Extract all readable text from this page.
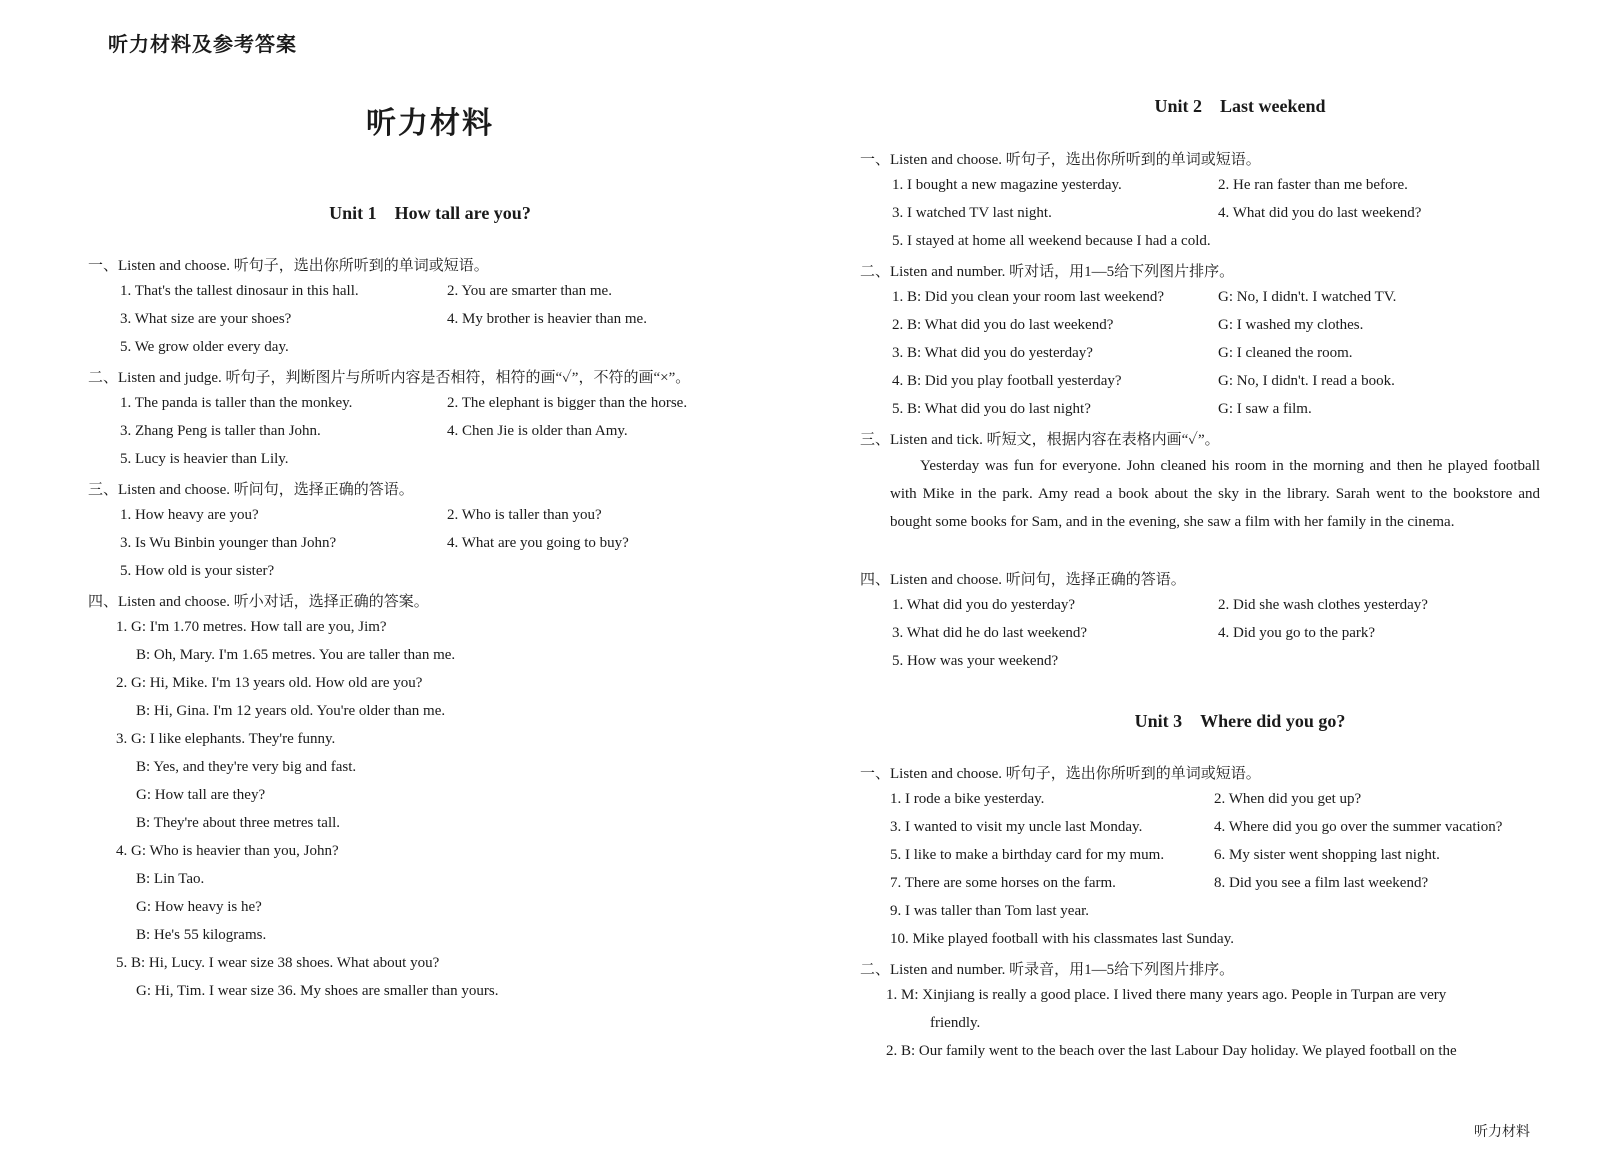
听力材料及参考答案
听力材料
Unit 1　How tall are you?
一、Listen and choose. 听句子，选出你所听到的单词或短语。
1. That's the tallest dinosaur in this hall.	2. You are smarter than me.
3. What size are your shoes?	4. My brother is heavier than me.
5. We grow older every day.
二、Listen and judge. 听句子，判断图片与所听内容是否相符，相符的画“✓”，不符的画“×”。
1. The panda is taller than the monkey.	2. The elephant is bigger than the horse.
3. Zhang Peng is taller than John.	4. Chen Jie is older than Amy.
5. Lucy is heavier than Lily.
三、Listen and choose. 听问句，选择正确的答语。
1. How heavy are you?	2. Who is taller than you?
3. Is Wu Binbin younger than John?	4. What are you going to buy?
5. How old is your sister?
四、Listen and choose. 听小对话，选择正确的答案。
1. G: I'm 1.70 metres. How tall are you, Jim?
B: Oh, Mary. I'm 1.65 metres. You are taller than me.
2. G: Hi, Mike. I'm 13 years old. How old are you?
B: Hi, Gina. I'm 12 years old. You're older than me.
3. G: I like elephants. They're funny.
B: Yes, and they're very big and fast.
G: How tall are they?
B: They're about three metres tall.
4. G: Who is heavier than you, John?
B: Lin Tao.
G: How heavy is he?
B: He's 55 kilograms.
5. B: Hi, Lucy. I wear size 38 shoes. What about you?
G: Hi, Tim. I wear size 36. My shoes are smaller than yours.
Unit 2　Last weekend
一、Listen and choose. 听句子，选出你所听到的单词或短语。
1. I bought a new magazine yesterday.	2. He ran faster than me before.
3. I watched TV last night.	4. What did you do last weekend?
5. I stayed at home all weekend because I had a cold.
二、Listen and number. 听对话，用1—5给下列图片排序。
1. B: Did you clean your room last weekend?	G: No, I didn't. I watched TV.
2. B: What did you do last weekend?	G: I washed my clothes.
3. B: What did you do yesterday?	G: I cleaned the room.
4. B: Did you play football yesterday?	G: No, I didn't. I read a book.
5. B: What did you do last night?	G: I saw a film.
三、Listen and tick. 听短文，根据内容在表格内画“✓”。
Yesterday was fun for everyone. John cleaned his room in the morning and then he played football with Mike in the park. Amy read a book about the sky in the library. Sarah went to the bookstore and bought some books for Sam, and in the evening, she saw a film with her family in the cinema.
四、Listen and choose. 听问句，选择正确的答语。
1. What did you do yesterday?	2. Did she wash clothes yesterday?
3. What did he do last weekend?	4. Did you go to the park?
5. How was your weekend?
Unit 3　Where did you go?
一、Listen and choose. 听句子，选出你所听到的单词或短语。
1. I rode a bike yesterday.	2. When did you get up?
3. I wanted to visit my uncle last Monday.	4. Where did you go over the summer vacation?
5. I like to make a birthday card for my mum.	6. My sister went shopping last night.
7. There are some horses on the farm.	8. Did you see a film last weekend?
9. I was taller than Tom last year.
10. Mike played football with his classmates last Sunday.
二、Listen and number. 听录音，用1—5给下列图片排序。
1. M: Xinjiang is really a good place. I lived there many years ago. People in Turpan are very
friendly.
2. B: Our family went to the beach over the last Labour Day holiday. We played football on the
听力材料
